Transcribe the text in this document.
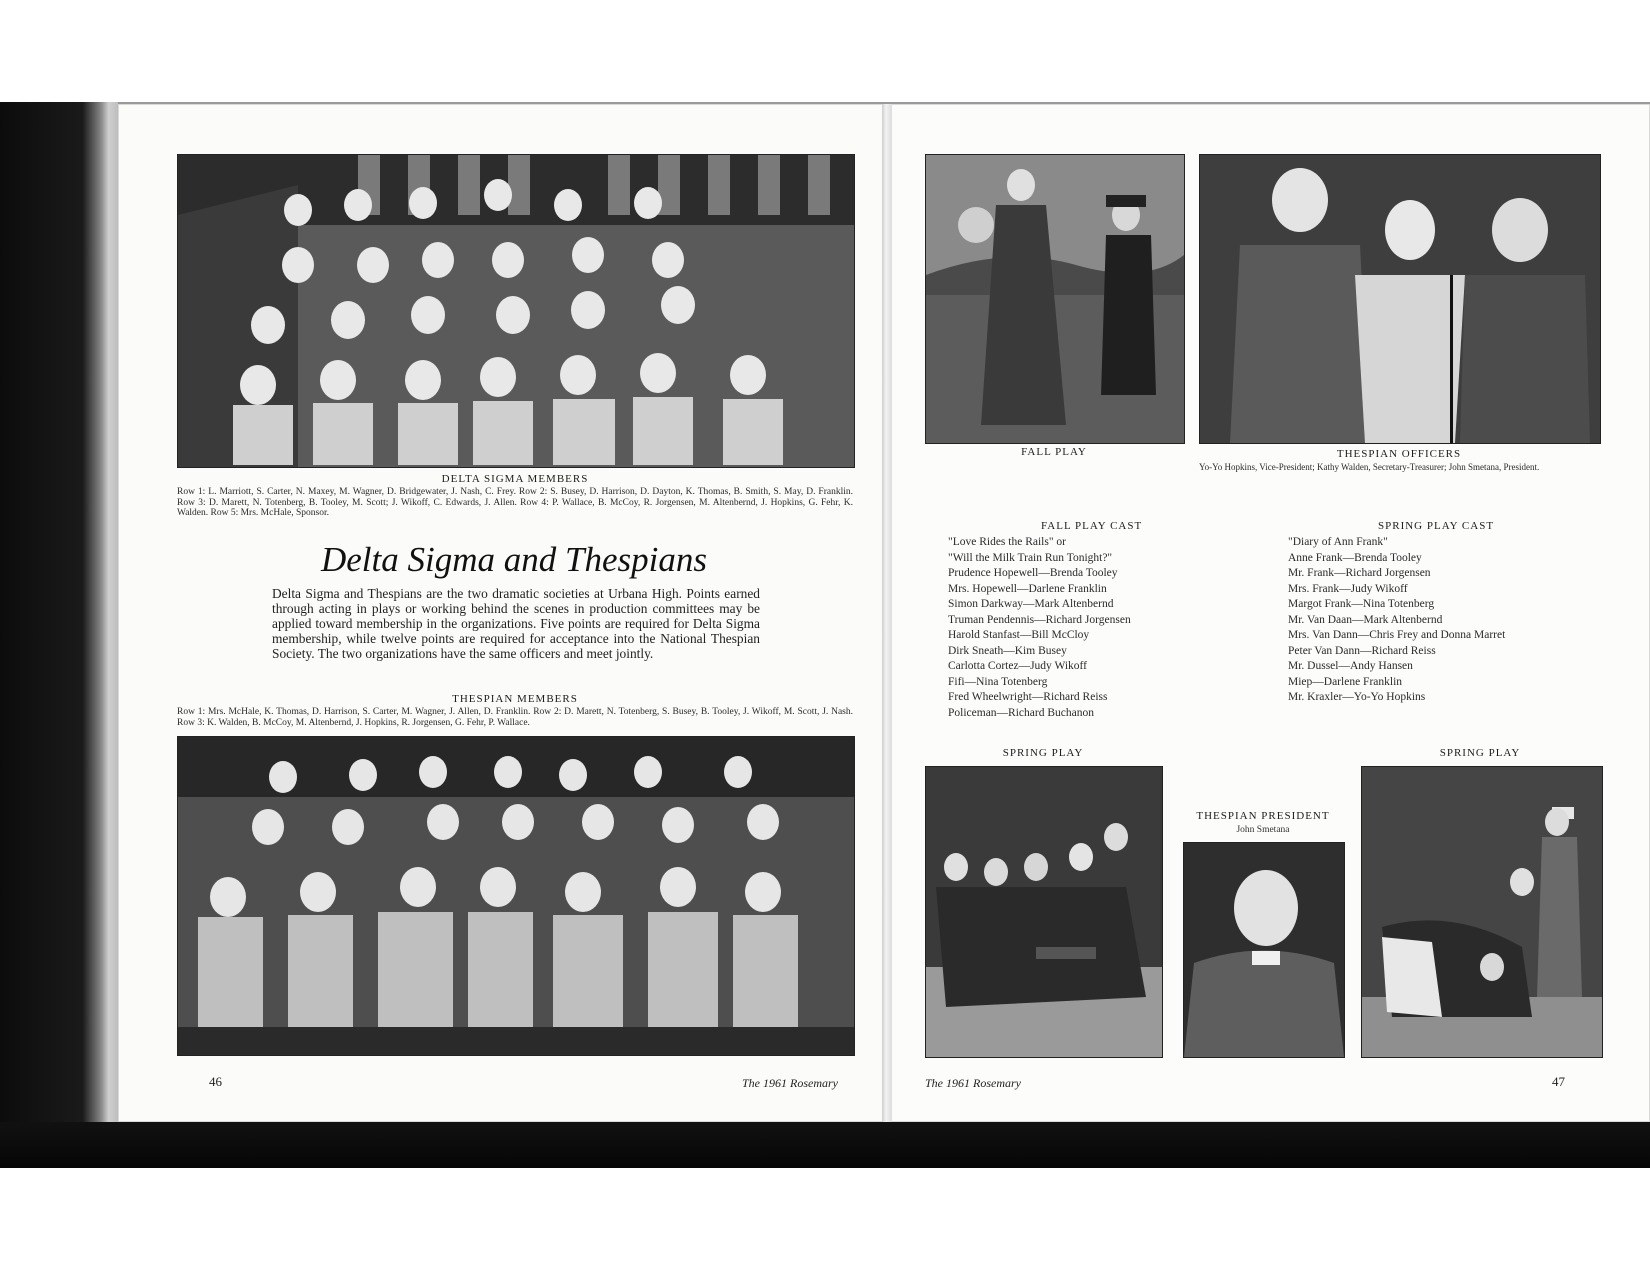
DELTA SIGMA MEMBERS
Row 1: L. Marriott, S. Carter, N. Maxey, M. Wagner, D. Bridgewater, J. Nash, C. Frey. Row 2: S. Busey, D. Harrison, D. Dayton, K. Thomas, B. Smith, S. May, D. Franklin. Row 3: D. Marett, N. Totenberg, B. Tooley, M. Scott; J. Wikoff, C. Edwards, J. Allen. Row 4: P. Wallace, B. McCoy, R. Jorgensen, M. Altenbernd, J. Hopkins, G. Fehr, K. Walden. Row 5: Mrs. McHale, Sponsor.
Delta Sigma and Thespians

Delta Sigma and Thespians are the two dramatic societies at Urbana High. Points earned through acting in plays or working behind the scenes in production committees may be applied toward membership in the organizations. Five points are required for Delta Sigma membership, while twelve points are required for acceptance into the National Thespian Society. The two organizations have the same officers and meet jointly.

THESPIAN MEMBERS
Row 1: Mrs. McHale, K. Thomas, D. Harrison, S. Carter, M. Wagner, J. Allen, D. Franklin. Row 2: D. Marett, N. Totenberg, S. Busey, B. Tooley, J. Wikoff, M. Scott, J. Nash. Row 3: K. Walden, B. McCoy, M. Altenbernd, J. Hopkins, R. Jorgensen, G. Fehr, P. Wallace.
46	The 1961 Rosemary
FALL PLAY	THESPIAN OFFICERS
Yo-Yo Hopkins, Vice-President; Kathy Walden, Secretary-Treasurer; John Smetana, President.
FALL PLAY CAST
"Love Rides the Rails" or
"Will the Milk Train Run Tonight?"
Prudence Hopewell—Brenda Tooley
Mrs. Hopewell—Darlene Franklin
Simon Darkway—Mark Altenbernd
Truman Pendennis—Richard Jorgensen
Harold Stanfast—Bill McCloy
Dirk Sneath—Kim Busey
Carlotta Cortez—Judy Wikoff
Fifi—Nina Totenberg
Fred Wheelwright—Richard Reiss
Policeman—Richard Buchanon
SPRING PLAY CAST
"Diary of Ann Frank"
Anne Frank—Brenda Tooley
Mr. Frank—Richard Jorgensen
Mrs. Frank—Judy Wikoff
Margot Frank—Nina Totenberg
Mr. Van Daan—Mark Altenbernd
Mrs. Van Dann—Chris Frey and Donna Marret
Peter Van Dann—Richard Reiss
Mr. Dussel—Andy Hansen
Miep—Darlene Franklin
Mr. Kraxler—Yo-Yo Hopkins
SPRING PLAY	SPRING PLAY
THESPIAN PRESIDENT
John Smetana
The 1961 Rosemary	47
